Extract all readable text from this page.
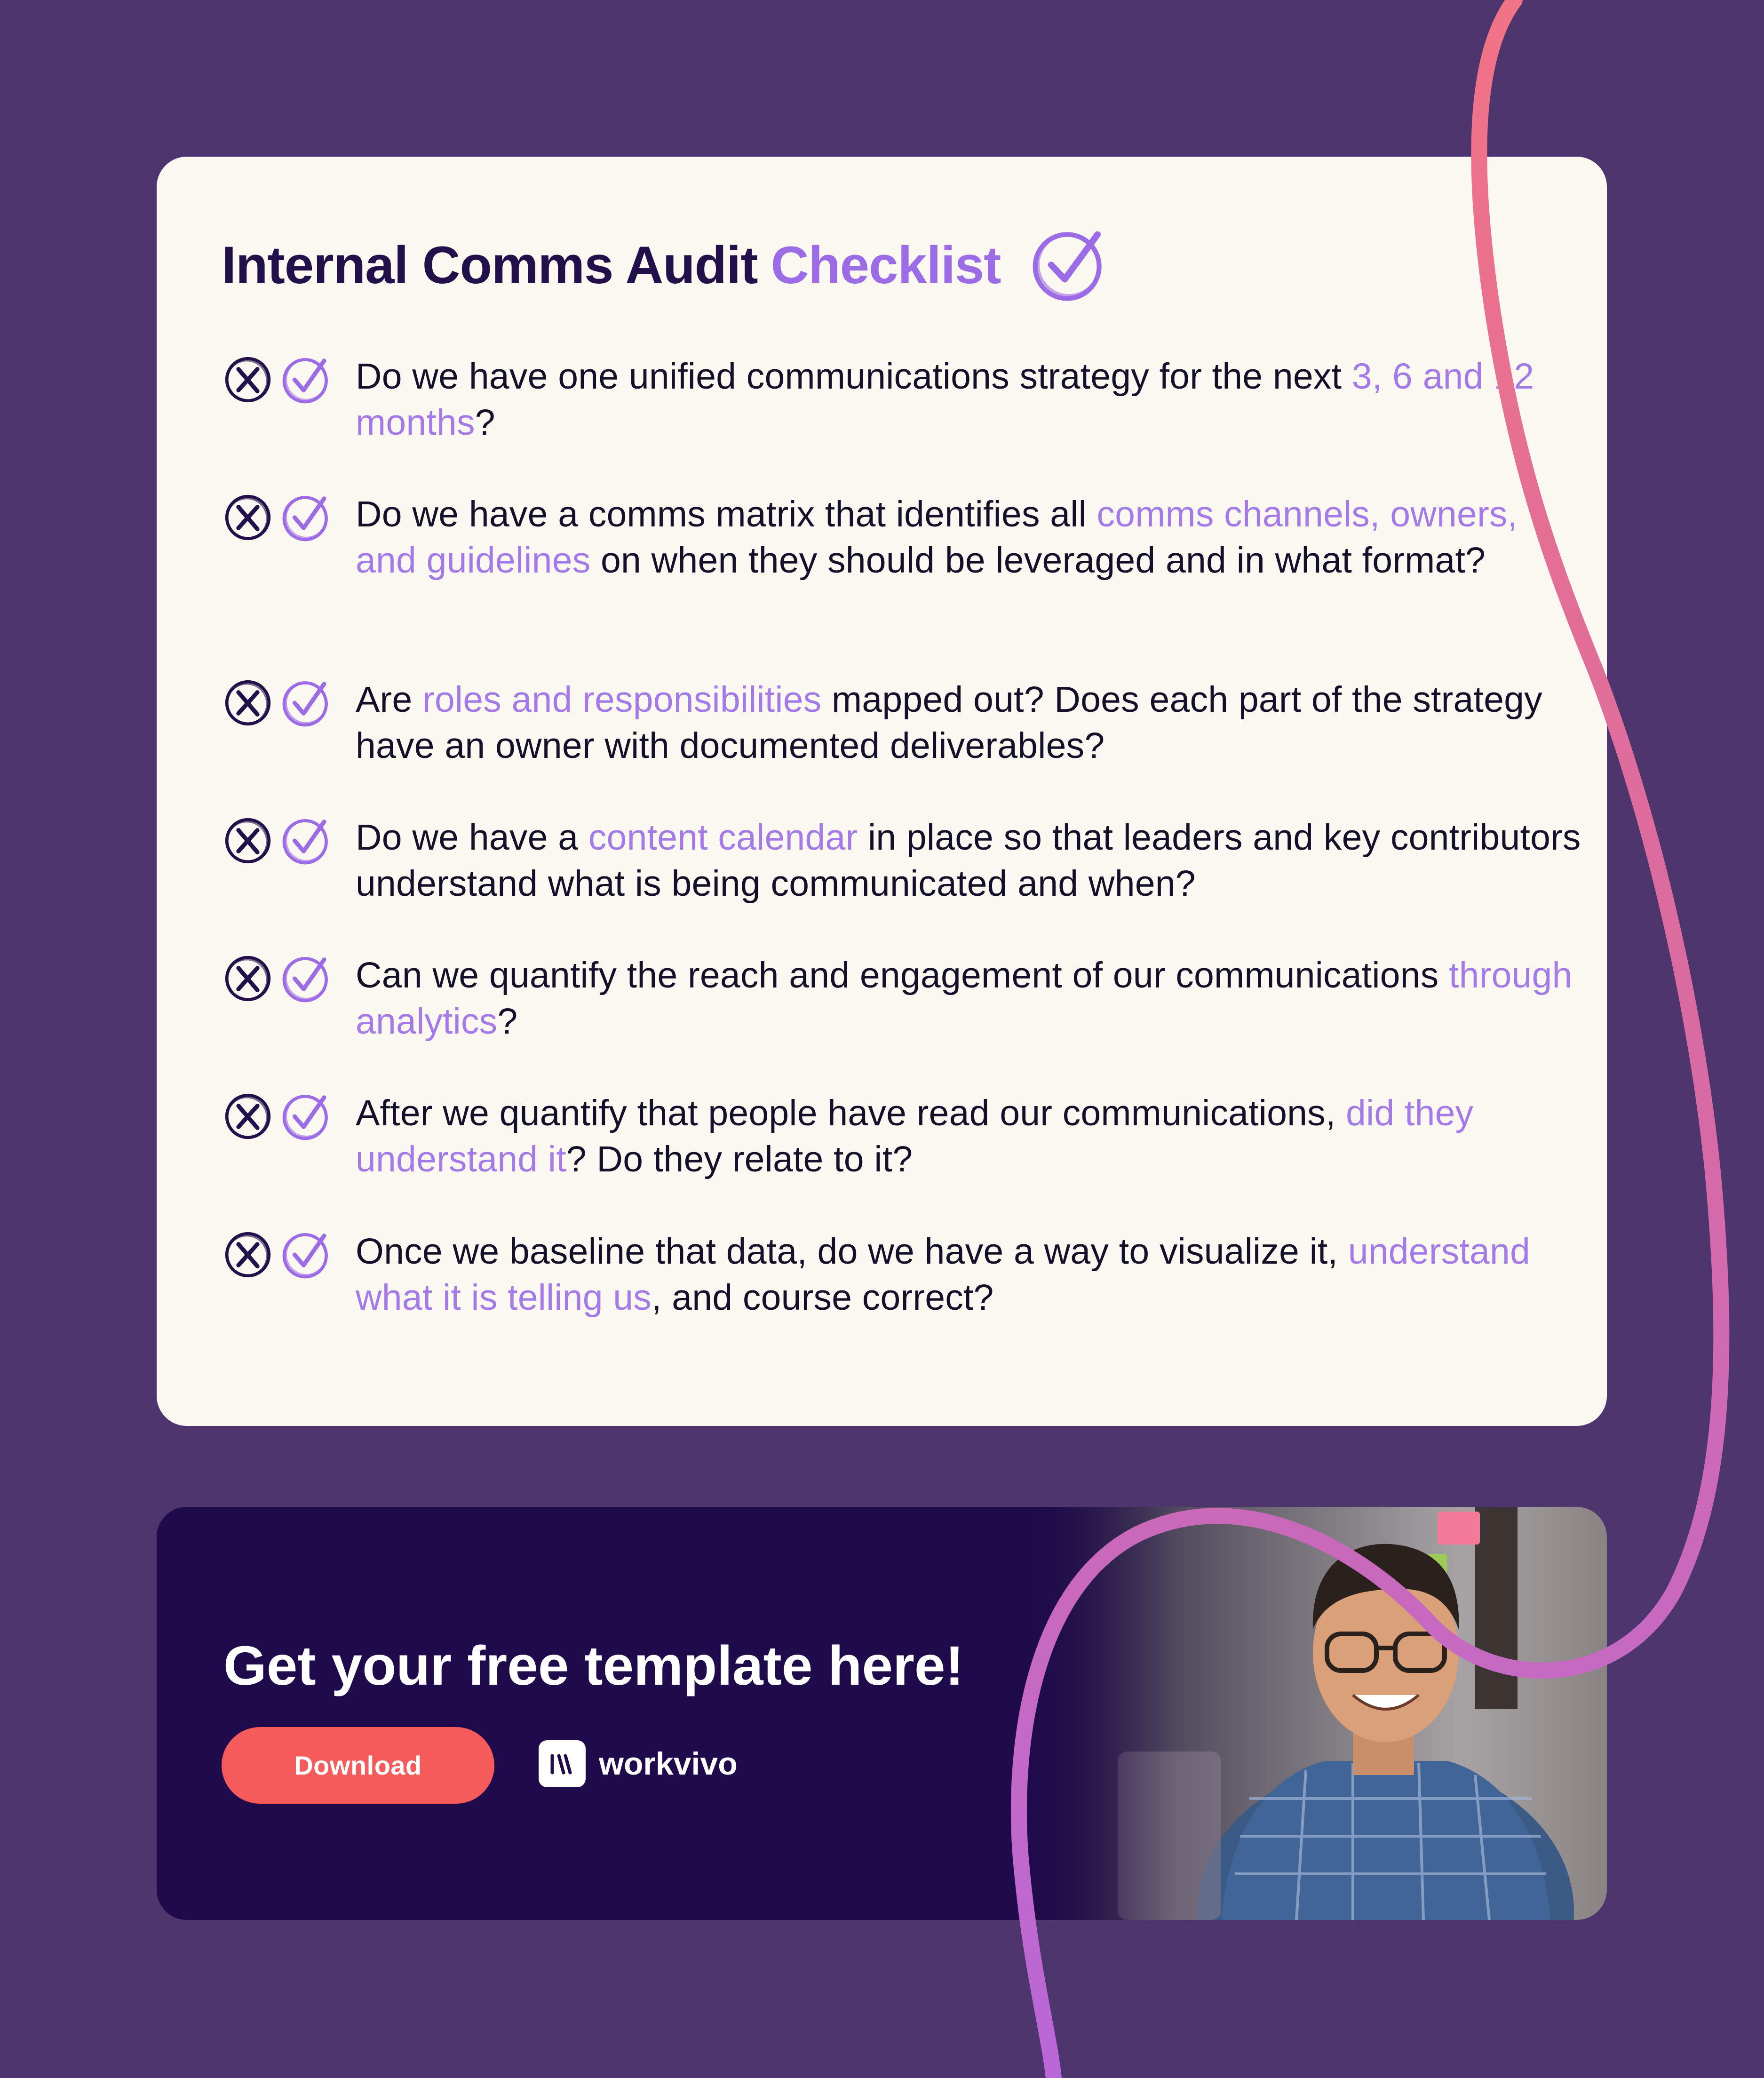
Internal Comms Audit Checklist
Do we have one unified communications strategy for the next 3, 6 and 12 months?
Do we have a comms matrix that identifies all comms channels, owners, and guidelines on when they should be leveraged and in what format?
Are roles and responsibilities mapped out? Does each part of the strategy have an owner with documented deliverables?
Do we have a content calendar in place so that leaders and key contributors understand what is being communicated and when?
Can we quantify the reach and engagement of our communications through analytics?
After we quantify that people have read our communications, did they understand it? Do they relate to it?
Once we baseline that data, do we have a way to visualize it, understand what it is telling us, and course correct?
Get your free template here!
Download	workvivo
